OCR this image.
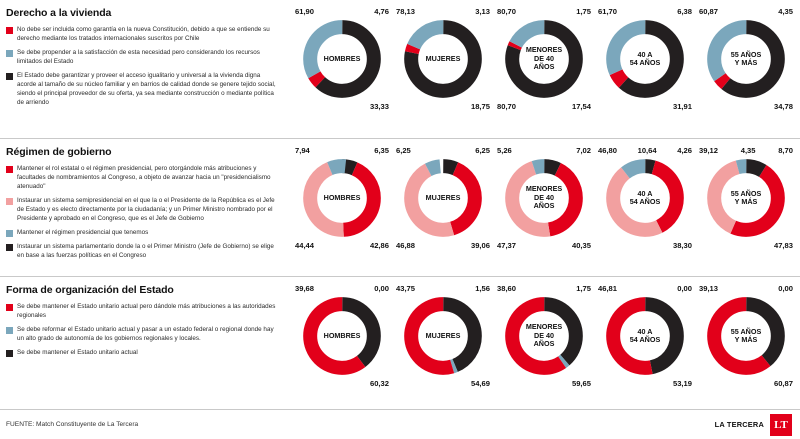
Derecho a la vivienda
No debe ser incluida como garantía en la nueva Constitución, debido a que se entiende su derecho mediante los tratados internacionales suscritos por Chile
Se debe propender a la satisfacción de esta necesidad pero considerando los recursos limitados del Estado
El Estado debe garantizar y proveer el acceso igualitario y universal a la vivienda digna acorde al tamaño de su núcleo familiar y en barrios de calidad donde se genere tejido social, siendo el principal proveedor de su oferta, ya sea mediante construcción o mediante política de arriendo
61,90	4,76
HOMBRES
33,33
78,13	3,13
MUJERES
18,75
80,70	1,75
MENORES
DE 40
AÑOS
80,70	17,54
61,70	6,38
40 A
54 AÑOS
31,91
60,87	4,35
55 AÑOS
Y MÁS
34,78
Régimen de gobierno
Mantener el rol estatal o el régimen presidencial, pero otorgándole más atribuciones y facultades de nombramientos al Congreso, a objeto de avanzar hacia un "presidencialismo atenuado"
Instaurar un sistema semipresidencial en el que la o el Presidente de la República es el Jefe de Estado y es electo directamente por la ciudadanía; y un Primer Ministro nombrado por el Presidente y aprobado en el Congreso, que es el Jefe de Gobierno
Mantener el régimen presidencial que tenemos
Instaurar un sistema parlamentario donde la o el Primer Ministro (Jefe de Gobierno) se elige en base a las fuerzas políticas en el Congreso
7,94	6,35
HOMBRES
44,44	42,86
6,25	6,25
MUJERES
46,88	39,06
5,26	7,02
MENORES
DE 40
AÑOS
47,37	40,35
46,80	10,64	4,26
40 A
54 AÑOS
38,30
39,12	4,35	8,70
55 AÑOS
Y MÁS
47,83
Forma de organización del Estado
Se debe mantener el Estado unitario actual pero dándole más atribuciones a las autoridades regionales
Se debe reformar el Estado unitario actual y pasar a un estado federal o regional donde hay un alto grado de autonomía de los gobiernos regionales y locales.
Se debe mantener el Estado unitario actual
39,68	0,00
HOMBRES
60,32
43,75	1,56
MUJERES
54,69
38,60	1,75
MENORES
DE 40
AÑOS
59,65
46,81	0,00
40 A
54 AÑOS
53,19
39,13	0,00
55 AÑOS
Y MÁS
60,87
FUENTE: Match Constituyente de La Tercera	LA TERCERA LT
